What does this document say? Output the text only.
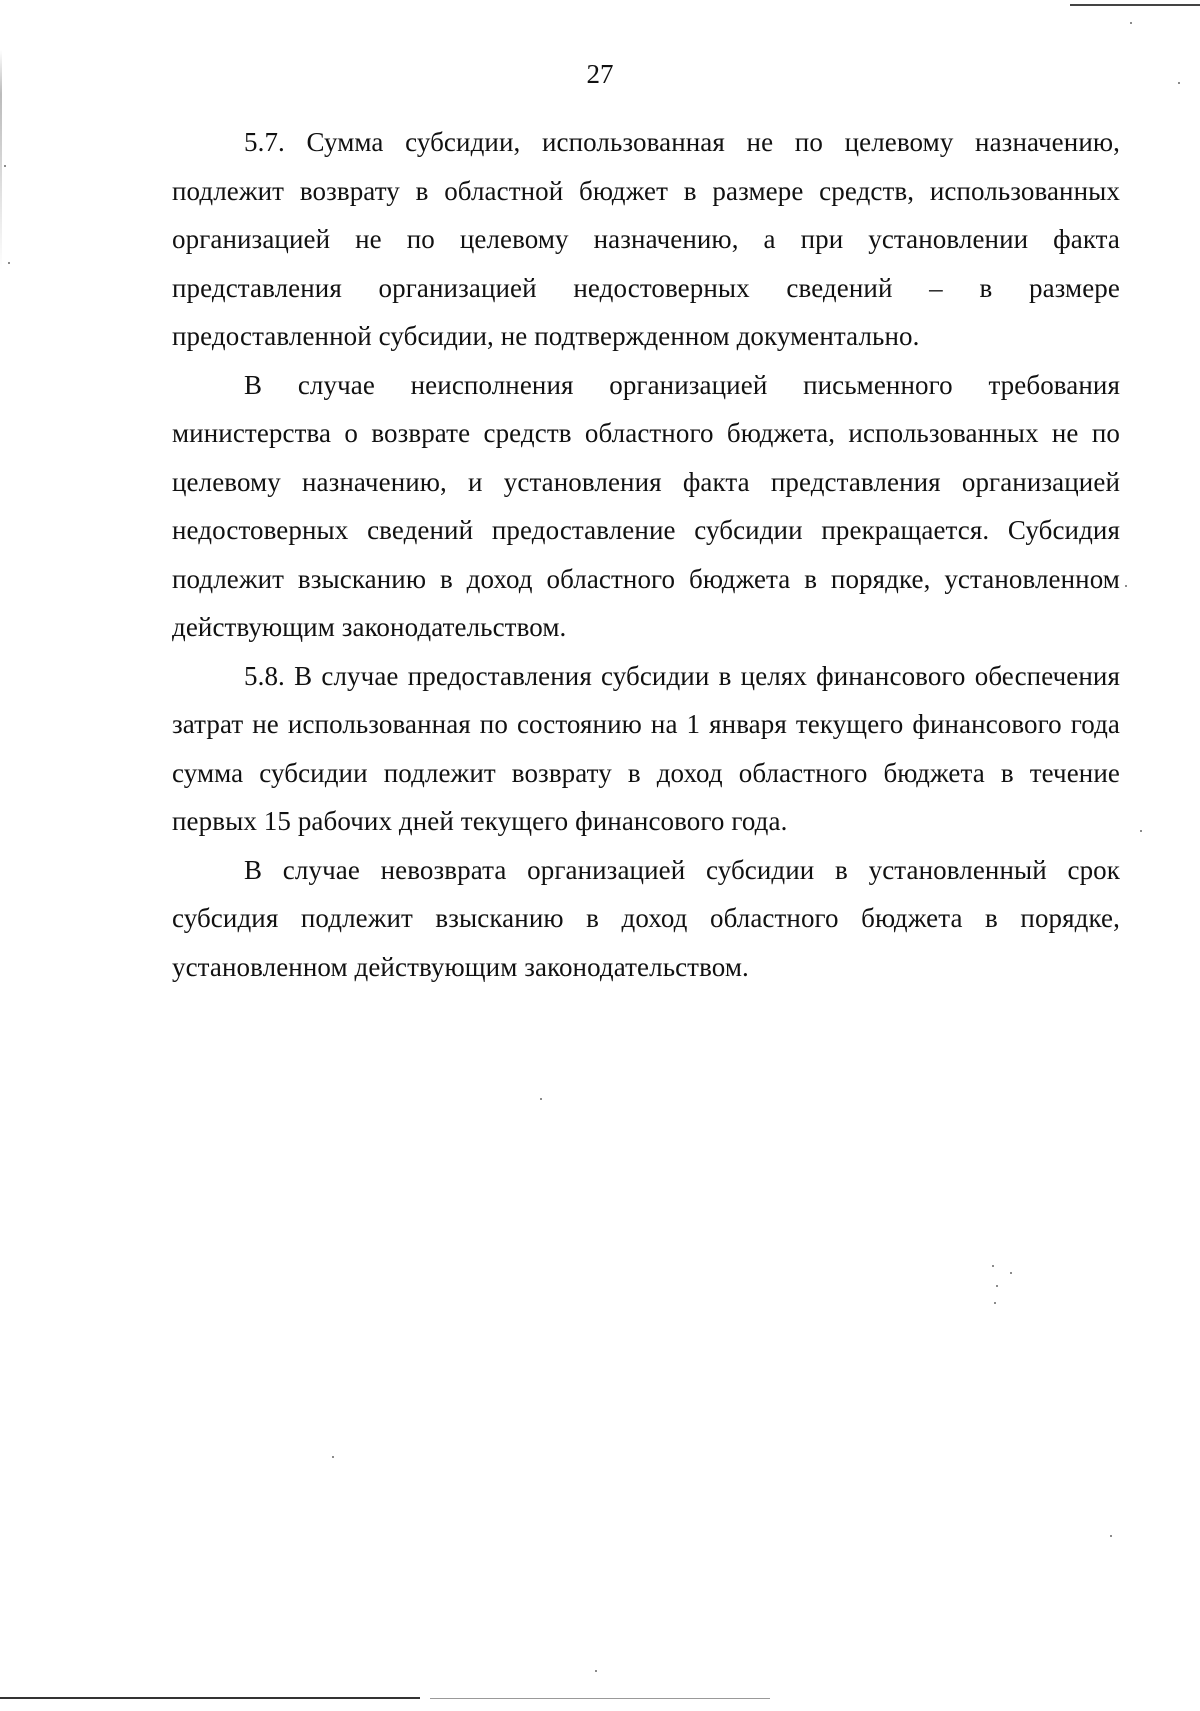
27

5.7. Сумма субсидии, использованная не по целевому назначению, подлежит возврату в областной бюджет в размере средств, использованных организацией не по целевому назначению, а при установлении факта представления организацией недостоверных сведений – в размере предоставленной субсидии, не подтвержденном документально.

В случае неисполнения организацией письменного требования министерства о возврате средств областного бюджета, использованных не по целевому назначению, и установления факта представления организацией недостоверных сведений предоставление субсидии прекращается. Субсидия подлежит взысканию в доход областного бюджета в порядке, установленном действующим законодательством.

5.8. В случае предоставления субсидии в целях финансового обеспечения затрат не использованная по состоянию на 1 января текущего финансового года сумма субсидии подлежит возврату в доход областного бюджета в течение первых 15 рабочих дней текущего финансового года.

В случае невозврата организацией субсидии в установленный срок субсидия подлежит взысканию в доход областного бюджета в порядке, установленном действующим законодательством.
